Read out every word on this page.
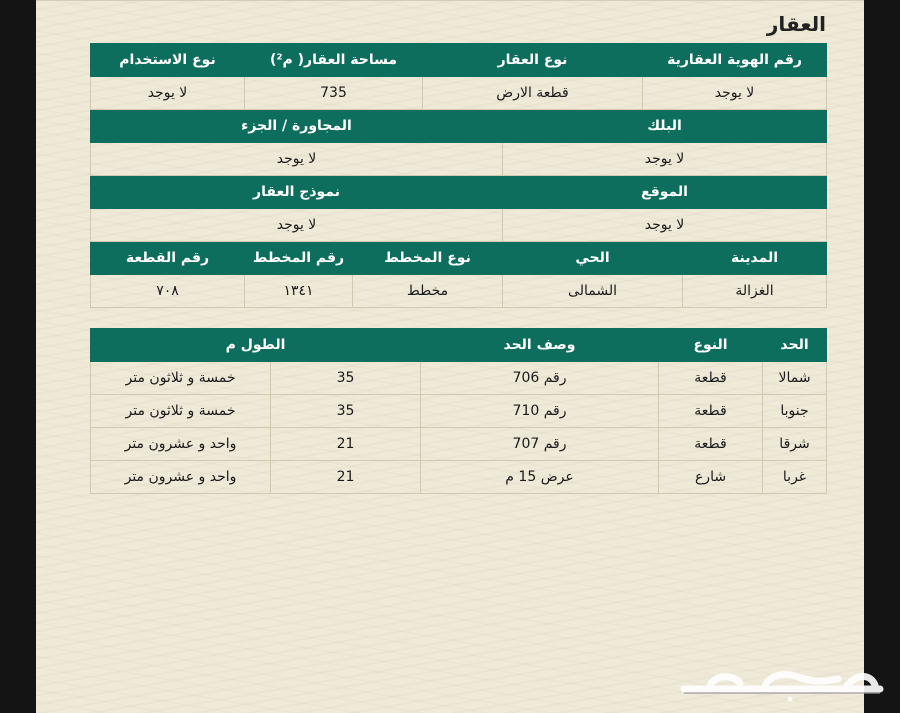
العقار
رقم الهوية العقارية		نوع العقار		مساحة العقار( م²)		نوع الاستخدام
لا يوجد		قطعة الارض		735		لا يوجد
البلك			المجاورة / الجزء			
لا يوجد			لا يوجد			
الموقع			نموذج العقار			
لا يوجد			لا يوجد			
المدينة	الحي		نوع المخطط		رقم المخطط	رقم القطعة
الغزالة	الشمالى		مخطط		١٣٤١	٧٠٨
الحد	النوع	وصف الحد	الطول م	
شمالا	قطعة	رقم 706	35	خمسة و ثلاثون متر
جنوبا	قطعة	رقم 710	35	خمسة و ثلاثون متر
شرقا	قطعة	رقم 707	21	واحد و عشرون متر
غربا	شارع	عرض 15 م	21	واحد و عشرون متر
